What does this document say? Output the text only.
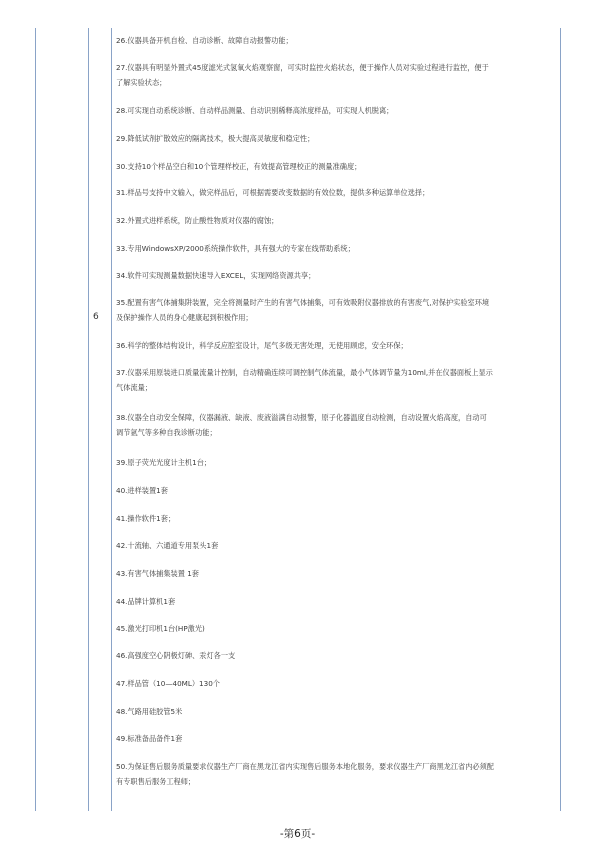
6
26.仪器具备开机自检、自动诊断、故障自动报警功能；
27.仪器具有明显外置式45度滤光式氢氧火焰观察窗，可实时监控火焰状态，便于操作人员对实验过程进行监控，便于
了解实验状态；
28.可实现自动系统诊断、自动样品测量、自动识别稀释高浓度样品，可实现人机脱离；
29.降低试剂扩散效应的隔离技术，极大提高灵敏度和稳定性；
30.支持10个样品空白和10个管理样校正，有效提高管理校正的测量准确度；
31.样品号支持中文输入，做完样品后，可根据需要改变数据的有效位数，提供多种运算单位选择；
32.外置式进样系统，防止酸性物质对仪器的腐蚀；
33.专用WindowsXP/2000系统操作软件，具有强大的专家在线帮助系统；
34.软件可实现测量数据快速导入EXCEL，实现网络资源共享；
35.配置有害气体捕集阱装置，完全将测量时产生的有害气体捕集，可有效吸附仪器排放的有害废气,对保护实验室环境
及保护操作人员的身心健康起到积极作用；
36.科学的整体结构设计，科学反应腔室设计，尾气多级无害处理，无使用顾虑，安全环保；
37.仪器采用原装进口质量流量计控制，自动精确连续可调控制气体流量，最小气体调节量为10ml,并在仪器面板上显示
气体流量；
38.仪器全自动安全保障，仪器漏液、缺液、废液溢满自动报警，原子化器温度自动检测，自动设置火焰高度，自动可
调节氩气等多种自我诊断功能；
39.原子荧光光度计主机1台；
40.进样装置1套
41.操作软件1套；
42.十流轴、六通道专用泵头1套
43.有害气体捕集装置 1套
44.品牌计算机1套
45.激光打印机1台(HP激光)
46.高强度空心阴极灯砷、汞灯各一支
47.样品管（10—40ML）130个
48.气路用硅胶管5米
49.标准备品备件1套
50.为保证售后服务质量要求仪器生产厂商在黑龙江省内实现售后服务本地化服务，要求仪器生产厂商黑龙江省内必须配
有专职售后服务工程师；
-第6页-
